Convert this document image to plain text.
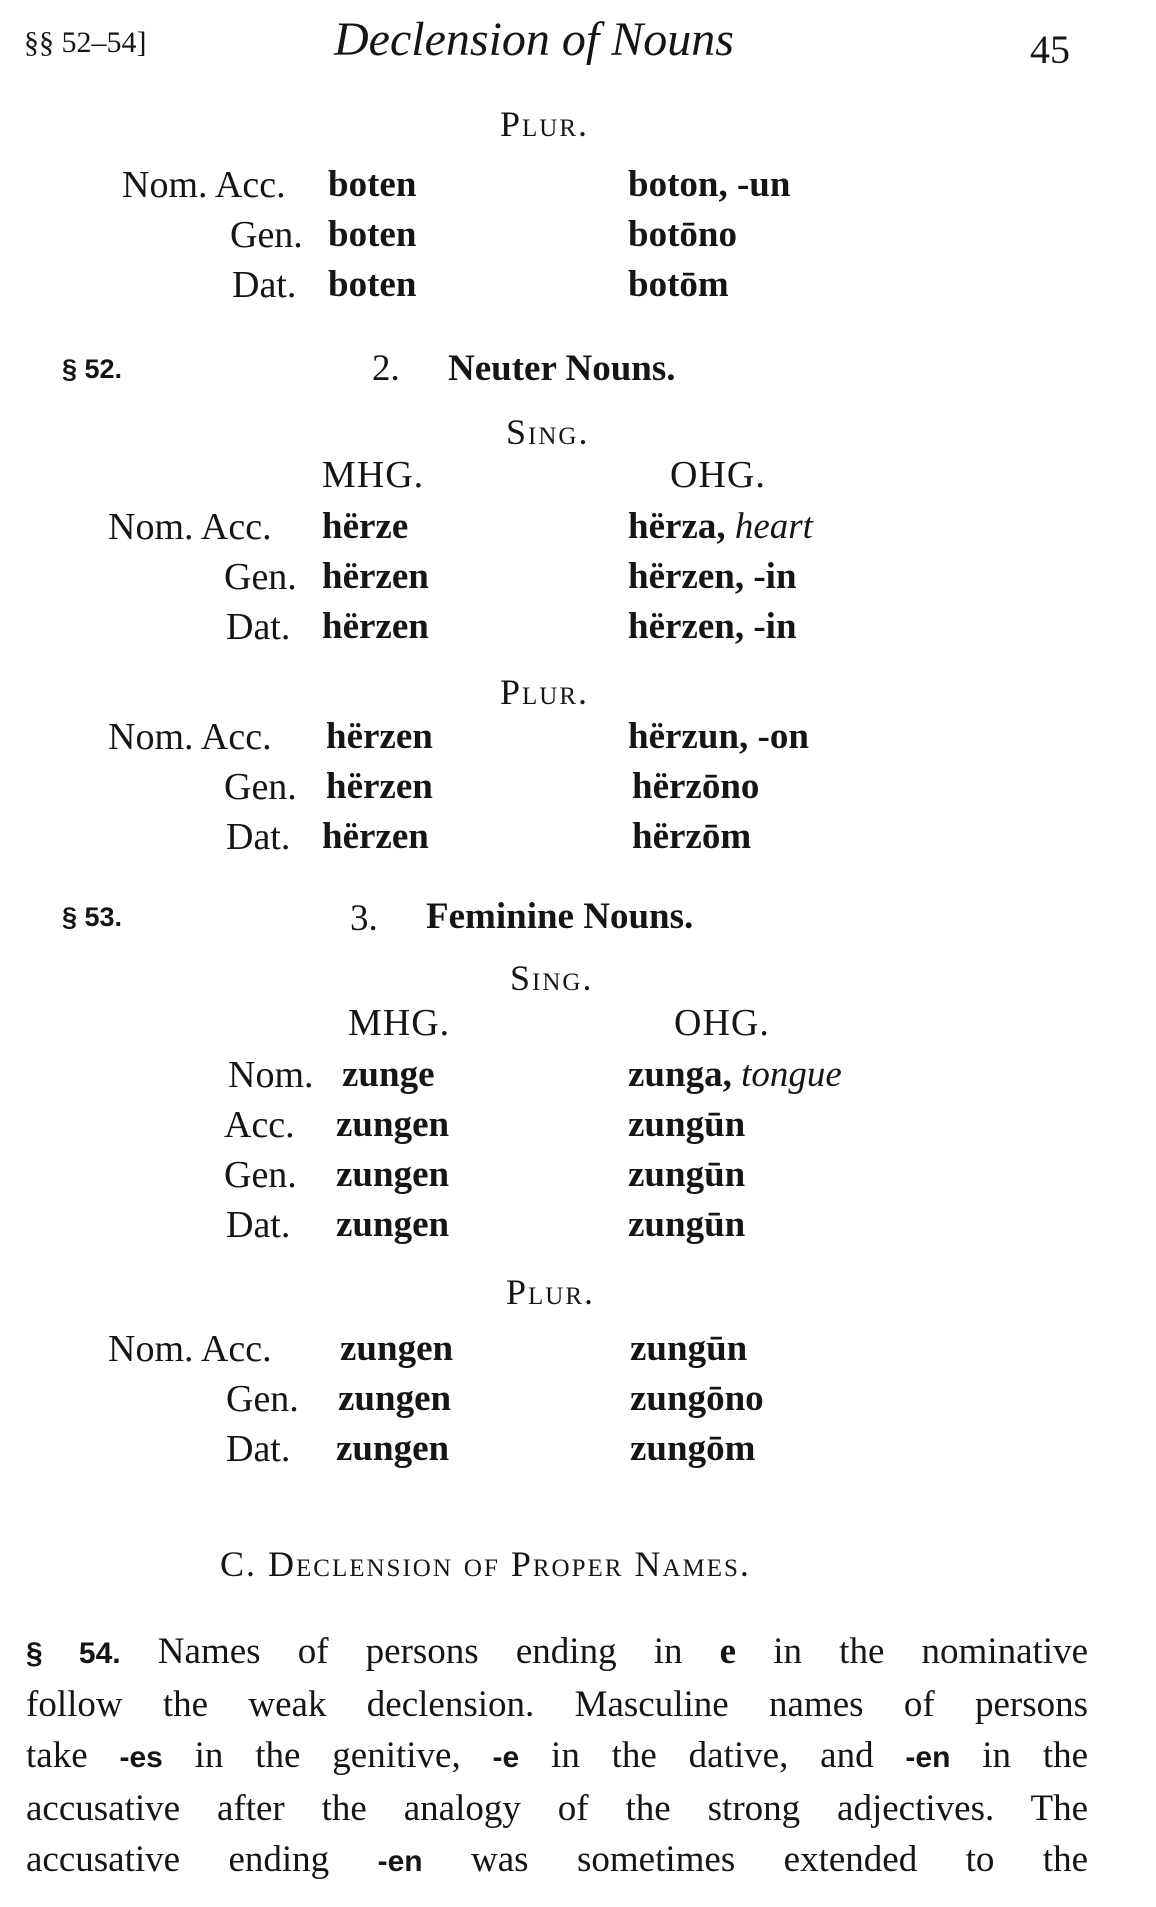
§§ 52–54]	Declension of Nouns	45
Plur.
Nom. Acc. boten	boton, -un
Gen. boten	botōno
Dat. boten	botōm
§ 52.	2. Neuter Nouns.
Sing.
MHG.	OHG.
Nom. Acc. hërze	hërza, heart
Gen. hërzen	hërzen, -in
Dat. hërzen	hërzen, -in
Plur.
Nom. Acc. hërzen	hërzun, -on
Gen. hërzen	hërzōno
Dat. hërzen	hërzōm
§ 53.	3. Feminine Nouns.
Sing.
MHG.	OHG.
Nom. zunge	zunga, tongue
Acc. zungen	zungūn
Gen. zungen	zungūn
Dat. zungen	zungūn
Plur.
Nom. Acc. zungen	zungūn
Gen. zungen	zungōno
Dat. zungen	zungōm
C. Declension of Proper Names.
§ 54. Names of persons ending in e in the nominative
follow the weak declension. Masculine names of persons
take -es in the genitive, -e in the dative, and -en in the
accusative after the analogy of the strong adjectives. The
accusative ending -en was sometimes extended to the
